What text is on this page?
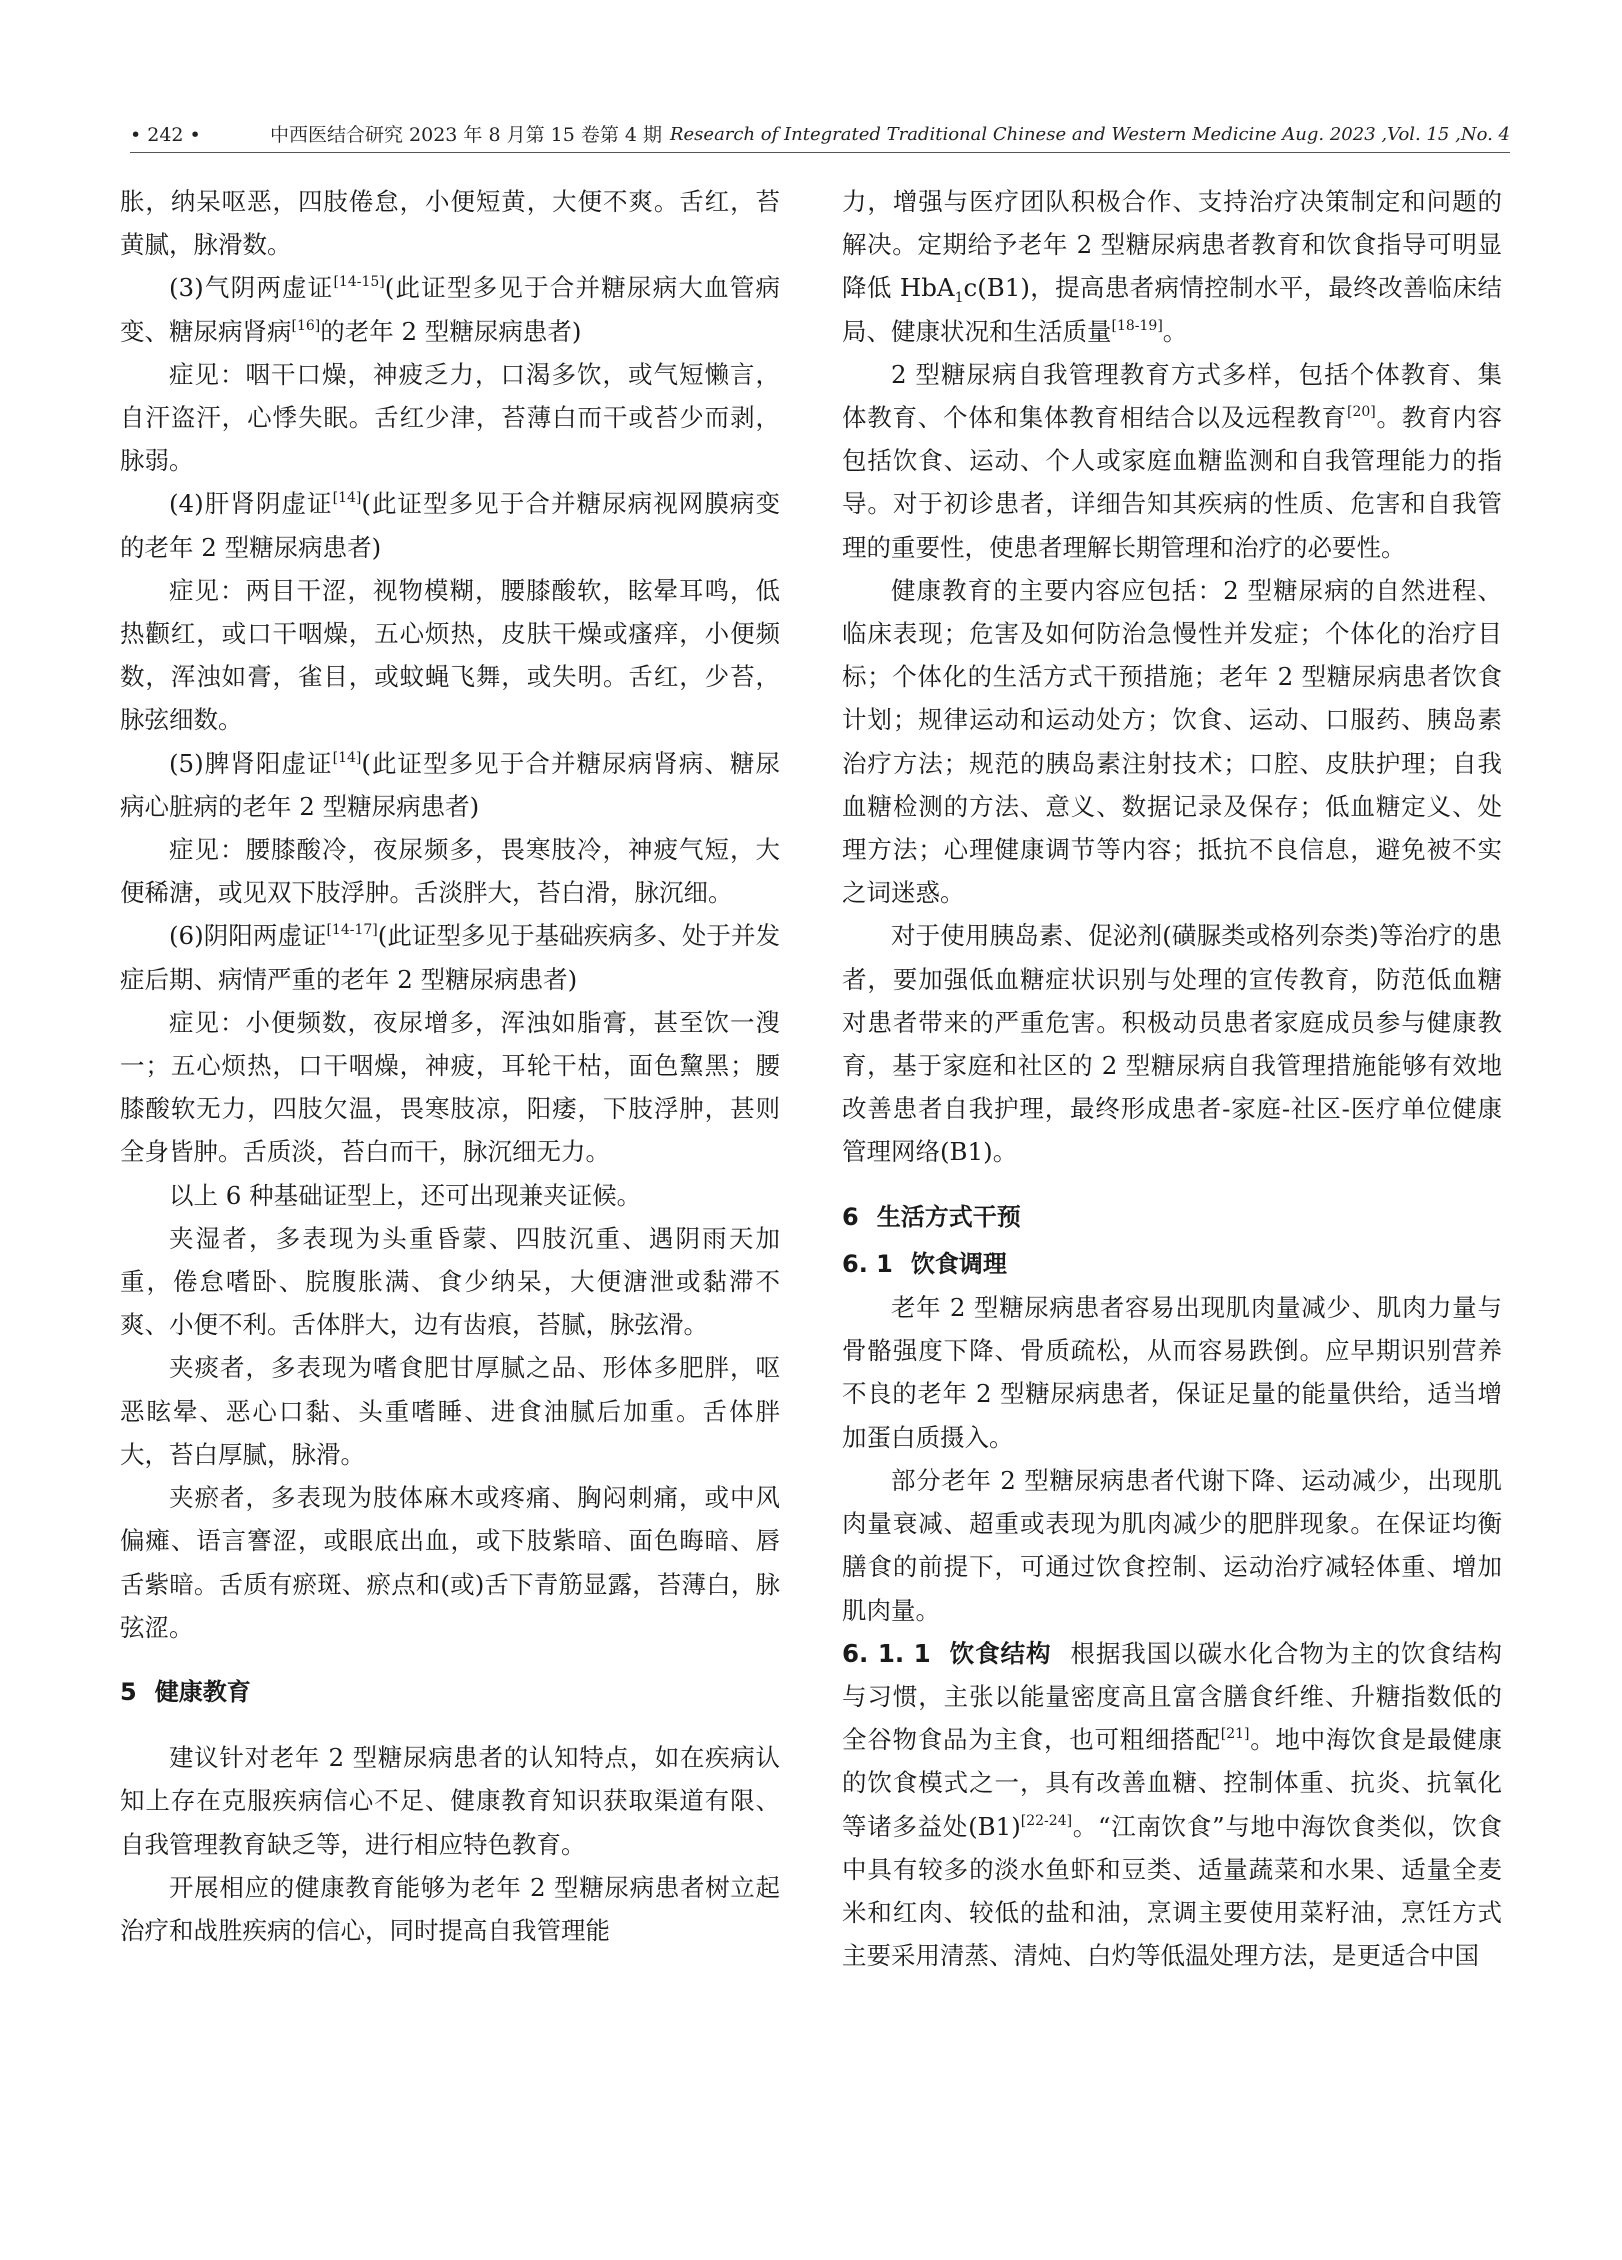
• 242 •	中西医结合研究 2023 年 8 月第 15 卷第 4 期 Research of Integrated Traditional Chinese and Western Medicine Aug. 2023 ,Vol. 15 ,No. 4

胀，纳呆呕恶，四肢倦怠，小便短黄，大便不爽。舌红，苔黄腻，脉滑数。

(3)气阴两虚证[14-15](此证型多见于合并糖尿病大血管病变、糖尿病肾病[16]的老年 2 型糖尿病患者)

症见：咽干口燥，神疲乏力，口渴多饮，或气短懒言，自汗盗汗，心悸失眠。舌红少津，苔薄白而干或苔少而剥，脉弱。

(4)肝肾阴虚证[14](此证型多见于合并糖尿病视网膜病变的老年 2 型糖尿病患者)

症见：两目干涩，视物模糊，腰膝酸软，眩晕耳鸣，低热颧红，或口干咽燥，五心烦热，皮肤干燥或瘙痒，小便频数，浑浊如膏，雀目，或蚊蝇飞舞，或失明。舌红，少苔，脉弦细数。

(5)脾肾阳虚证[14](此证型多见于合并糖尿病肾病、糖尿病心脏病的老年 2 型糖尿病患者)

症见：腰膝酸冷，夜尿频多，畏寒肢冷，神疲气短，大便稀溏，或见双下肢浮肿。舌淡胖大，苔白滑，脉沉细。

(6)阴阳两虚证[14-17](此证型多见于基础疾病多、处于并发症后期、病情严重的老年 2 型糖尿病患者)

症见：小便频数，夜尿增多，浑浊如脂膏，甚至饮一溲一；五心烦热，口干咽燥，神疲，耳轮干枯，面色黧黑；腰膝酸软无力，四肢欠温，畏寒肢凉，阳痿，下肢浮肿，甚则全身皆肿。舌质淡，苔白而干，脉沉细无力。

以上 6 种基础证型上，还可出现兼夹证候。

夹湿者，多表现为头重昏蒙、四肢沉重、遇阴雨天加重，倦怠嗜卧、脘腹胀满、食少纳呆，大便溏泄或黏滞不爽、小便不利。舌体胖大，边有齿痕，苔腻，脉弦滑。

夹痰者，多表现为嗜食肥甘厚腻之品、形体多肥胖，呕恶眩晕、恶心口黏、头重嗜睡、进食油腻后加重。舌体胖大，苔白厚腻，脉滑。

夹瘀者，多表现为肢体麻木或疼痛、胸闷刺痛，或中风偏瘫、语言謇涩，或眼底出血，或下肢紫暗、面色晦暗、唇舌紫暗。舌质有瘀斑、瘀点和(或)舌下青筋显露，苔薄白，脉弦涩。

5 健康教育

建议针对老年 2 型糖尿病患者的认知特点，如在疾病认知上存在克服疾病信心不足、健康教育知识获取渠道有限、自我管理教育缺乏等，进行相应特色教育。

开展相应的健康教育能够为老年 2 型糖尿病患者树立起治疗和战胜疾病的信心，同时提高自我管理能

力，增强与医疗团队积极合作、支持治疗决策制定和问题的解决。定期给予老年 2 型糖尿病患者教育和饮食指导可明显降低 HbA$_1$c(B1)，提高患者病情控制水平，最终改善临床结局、健康状况和生活质量[18-19]。

2 型糖尿病自我管理教育方式多样，包括个体教育、集体教育、个体和集体教育相结合以及远程教育[20]。教育内容包括饮食、运动、个人或家庭血糖监测和自我管理能力的指导。对于初诊患者，详细告知其疾病的性质、危害和自我管理的重要性，使患者理解长期管理和治疗的必要性。

健康教育的主要内容应包括：2 型糖尿病的自然进程、临床表现；危害及如何防治急慢性并发症；个体化的治疗目标；个体化的生活方式干预措施；老年 2 型糖尿病患者饮食计划；规律运动和运动处方；饮食、运动、口服药、胰岛素治疗方法；规范的胰岛素注射技术；口腔、皮肤护理；自我血糖检测的方法、意义、数据记录及保存；低血糖定义、处理方法；心理健康调节等内容；抵抗不良信息，避免被不实之词迷惑。

对于使用胰岛素、促泌剂(磺脲类或格列奈类)等治疗的患者，要加强低血糖症状识别与处理的宣传教育，防范低血糖对患者带来的严重危害。积极动员患者家庭成员参与健康教育，基于家庭和社区的 2 型糖尿病自我管理措施能够有效地改善患者自我护理，最终形成患者-家庭-社区-医疗单位健康管理网络(B1)。

6 生活方式干预
6. 1 饮食调理

老年 2 型糖尿病患者容易出现肌肉量减少、肌肉力量与骨骼强度下降、骨质疏松，从而容易跌倒。应早期识别营养不良的老年 2 型糖尿病患者，保证足量的能量供给，适当增加蛋白质摄入。

部分老年 2 型糖尿病患者代谢下降、运动减少，出现肌肉量衰减、超重或表现为肌肉减少的肥胖现象。在保证均衡膳食的前提下，可通过饮食控制、运动治疗减轻体重、增加肌肉量。

6. 1. 1 饮食结构 根据我国以碳水化合物为主的饮食结构与习惯，主张以能量密度高且富含膳食纤维、升糖指数低的全谷物食品为主食，也可粗细搭配[21]。地中海饮食是最健康的饮食模式之一，具有改善血糖、控制体重、抗炎、抗氧化等诸多益处(B1)[22-24]。“江南饮食”与地中海饮食类似，饮食中具有较多的淡水鱼虾和豆类、适量蔬菜和水果、适量全麦米和红肉、较低的盐和油，烹调主要使用菜籽油，烹饪方式主要采用清蒸、清炖、白灼等低温处理方法，是更适合中国
